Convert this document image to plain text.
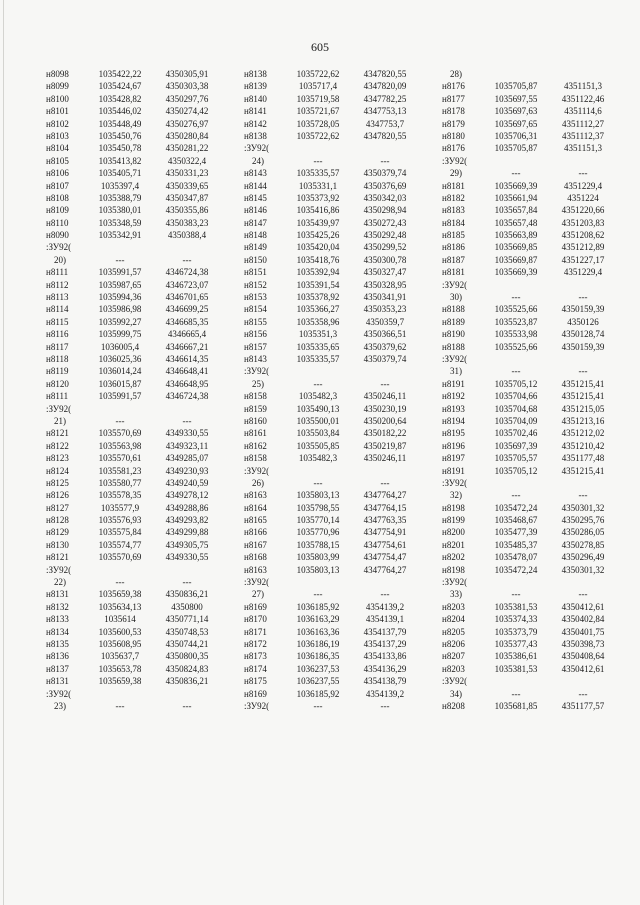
605
н8098	1035422,22	4350305,91
н8099	1035424,67	4350303,38
н8100	1035428,82	4350297,76
н8101	1035446,02	4350274,42
н8102	1035448,49	4350276,97
н8103	1035450,76	4350280,84
н8104	1035450,78	4350281,22
н8105	1035413,82	4350322,4
н8106	1035405,71	4350331,23
н8107	1035397,4	4350339,65
н8108	1035388,79	4350347,87
н8109	1035380,01	4350355,86
н8110	1035348,59	4350383,23
н8090	1035342,91	4350388,4
:ЗУ92(
20)	---	---
н8111	1035991,57	4346724,38
н8112	1035987,65	4346723,07
н8113	1035994,36	4346701,65
н8114	1035986,98	4346699,25
н8115	1035992,27	4346685,35
н8116	1035999,75	4346665,4
н8117	1036005,4	4346667,21
н8118	1036025,36	4346614,35
н8119	1036014,24	4346648,41
н8120	1036015,87	4346648,95
н8111	1035991,57	4346724,38
:ЗУ92(
21)	---	---
н8121	1035570,69	4349330,55
н8122	1035563,98	4349323,11
н8123	1035570,61	4349285,07
н8124	1035581,23	4349230,93
н8125	1035580,77	4349240,59
н8126	1035578,35	4349278,12
н8127	1035577,9	4349288,86
н8128	1035576,93	4349293,82
н8129	1035575,84	4349299,88
н8130	1035574,77	4349305,75
н8121	1035570,69	4349330,55
:ЗУ92(
22)	---	---
н8131	1035659,38	4350836,21
н8132	1035634,13	4350800
н8133	1035614	4350771,14
н8134	1035600,53	4350748,53
н8135	1035608,95	4350744,21
н8136	1035637,7	4350800,35
н8137	1035653,78	4350824,83
н8131	1035659,38	4350836,21
:ЗУ92(
23)	---	---
н8138	1035722,62	4347820,55
н8139	1035717,4	4347820,09
н8140	1035719,58	4347782,25
н8141	1035721,67	4347753,13
н8142	1035728,05	4347753,7
н8138	1035722,62	4347820,55
:ЗУ92(
24)	---	---
н8143	1035335,57	4350379,74
н8144	1035331,1	4350376,69
н8145	1035373,92	4350342,03
н8146	1035416,86	4350298,94
н8147	1035439,97	4350272,43
н8148	1035425,26	4350292,48
н8149	1035420,04	4350299,52
н8150	1035418,76	4350300,78
н8151	1035392,94	4350327,47
н8152	1035391,54	4350328,95
н8153	1035378,92	4350341,91
н8154	1035366,27	4350353,23
н8155	1035358,96	4350359,7
н8156	1035351,3	4350366,51
н8157	1035335,65	4350379,62
н8143	1035335,57	4350379,74
:ЗУ92(
25)	---	---
н8158	1035482,3	4350246,11
н8159	1035490,13	4350230,19
н8160	1035500,01	4350200,64
н8161	1035503,84	4350182,22
н8162	1035505,85	4350219,87
н8158	1035482,3	4350246,11
:ЗУ92(
26)	---	---
н8163	1035803,13	4347764,27
н8164	1035798,55	4347764,15
н8165	1035770,14	4347763,35
н8166	1035770,96	4347754,91
н8167	1035788,15	4347754,61
н8168	1035803,99	4347754,47
н8163	1035803,13	4347764,27
:ЗУ92(
27)	---	---
н8169	1036185,92	4354139,2
н8170	1036163,29	4354139,1
н8171	1036163,36	4354137,79
н8172	1036186,19	4354137,29
н8173	1036186,35	4354133,86
н8174	1036237,53	4354136,29
н8175	1036237,55	4354138,79
н8169	1036185,92	4354139,2
:ЗУ92(	---	---
28)
н8176	1035705,87	4351151,3
н8177	1035697,55	4351122,46
н8178	1035697,63	4351114,6
н8179	1035697,65	4351112,27
н8180	1035706,31	4351112,37
н8176	1035705,87	4351151,3
:ЗУ92(
29)	---	---
н8181	1035669,39	4351229,4
н8182	1035661,94	4351224
н8183	1035657,84	4351220,66
н8184	1035657,48	4351203,83
н8185	1035663,89	4351208,62
н8186	1035669,85	4351212,89
н8187	1035669,87	4351227,17
н8181	1035669,39	4351229,4
:ЗУ92(
30)	---	---
н8188	1035525,66	4350159,39
н8189	1035523,87	4350126
н8190	1035533,98	4350128,74
н8188	1035525,66	4350159,39
:ЗУ92(
31)	---	---
н8191	1035705,12	4351215,41
н8192	1035704,66	4351215,41
н8193	1035704,68	4351215,05
н8194	1035704,09	4351213,16
н8195	1035702,46	4351212,02
н8196	1035697,39	4351210,42
н8197	1035705,57	4351177,48
н8191	1035705,12	4351215,41
:ЗУ92(
32)	---	---
н8198	1035472,24	4350301,32
н8199	1035468,67	4350295,76
н8200	1035477,39	4350286,05
н8201	1035485,37	4350278,85
н8202	1035478,07	4350296,49
н8198	1035472,24	4350301,32
:ЗУ92(
33)	---	---
н8203	1035381,53	4350412,61
н8204	1035374,33	4350402,84
н8205	1035373,79	4350401,75
н8206	1035377,43	4350398,73
н8207	1035386,61	4350408,64
н8203	1035381,53	4350412,61
:ЗУ92(
34)	---	---
н8208	1035681,85	4351177,57
